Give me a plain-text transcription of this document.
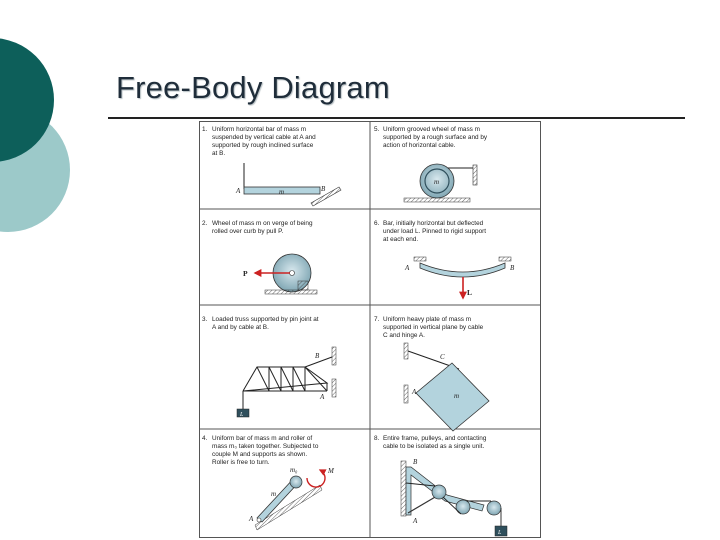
Free-Body Diagram
1. Uniform horizontal bar of mass m
suspended by vertical cable at A and
supported by rough inclined surface
at B.
A	m	B
5. Uniform grooved wheel of mass m
supported by a rough surface and by
action of horizontal cable.
m
2. Wheel of mass m on verge of being
rolled over curb by pull P.
P
6. Bar, initially horizontal but deflected
under load L. Pinned to rigid support
at each end.
A	B
L
3. Loaded truss supported by pin joint at
A and by cable at B.
L
B
A
7. Uniform heavy plate of mass m
supported in vertical plane by cable
C and hinge A.
C
A	m
4. Uniform bar of mass m and roller of
mass m₀ taken together. Subjected to
couple M and supports as shown.
Roller is free to turn.
m₀	M
m
A
8. Entire frame, pulleys, and contacting
cable to be isolated as a single unit.
L
B
A
